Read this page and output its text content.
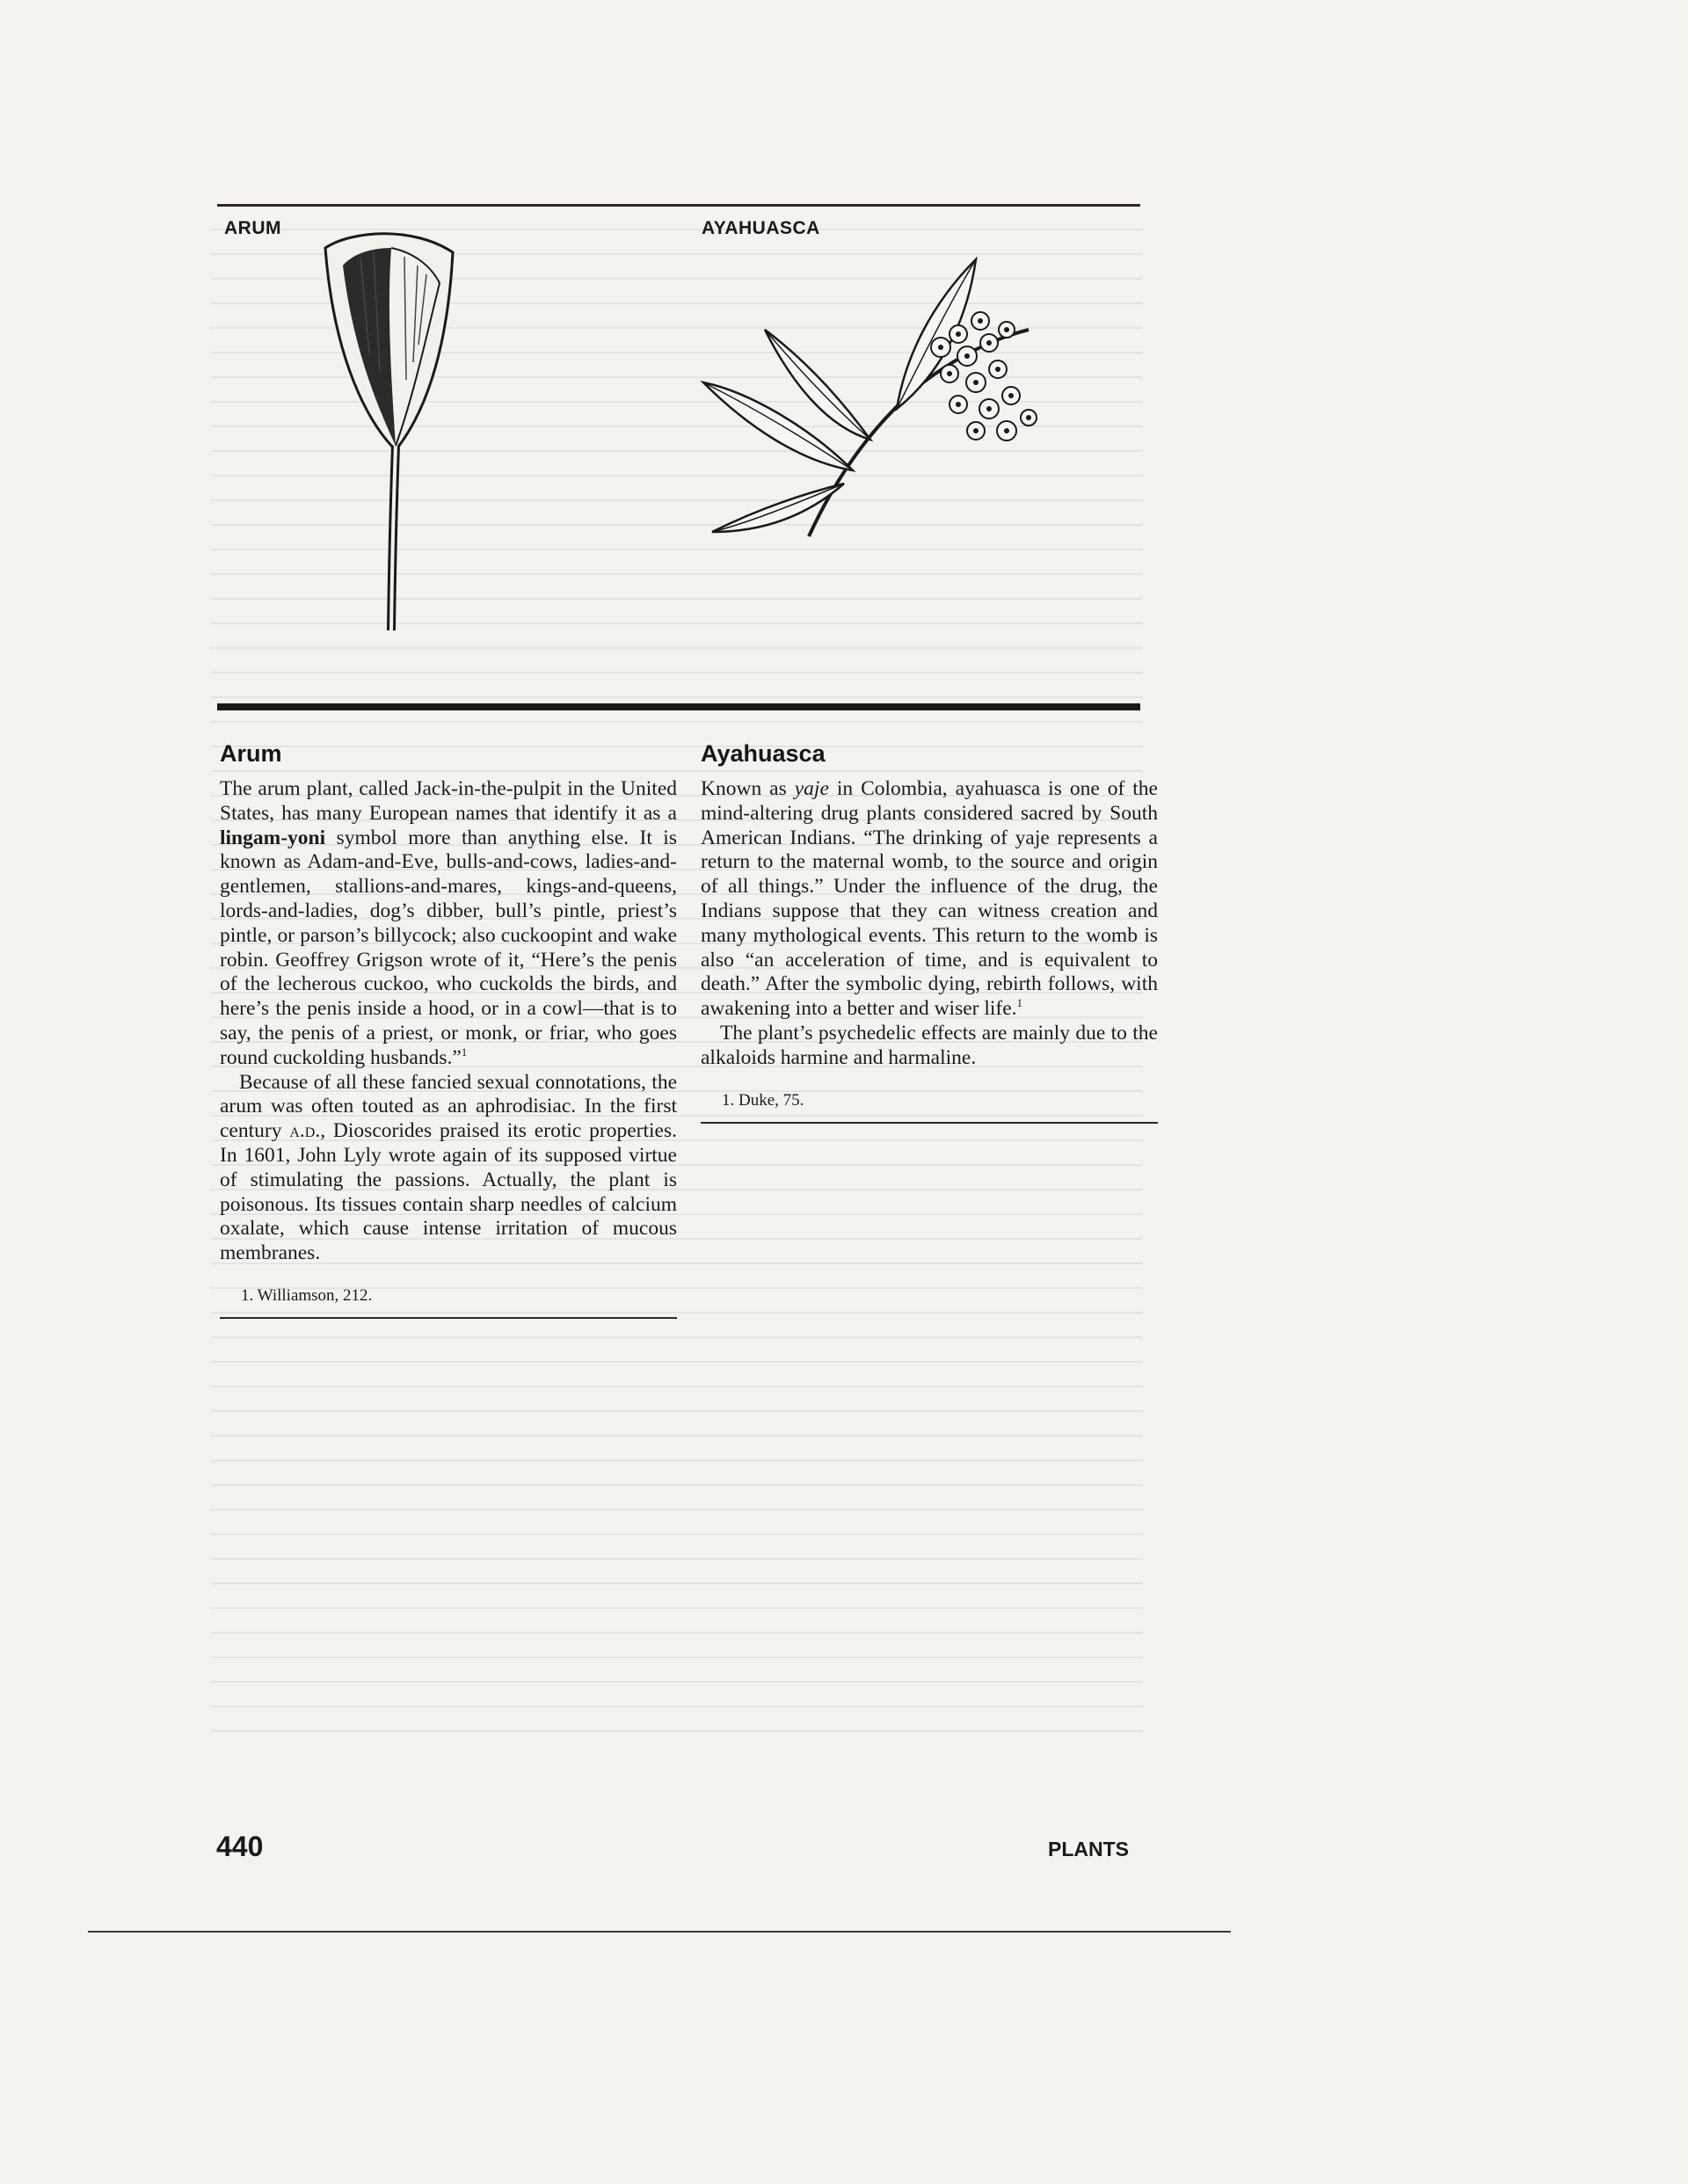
ARUM	AYAHUASCA
Arum

The arum plant, called Jack-in-the-pulpit in the United States, has many European names that identify it as a lingam-yoni symbol more than anything else. It is known as Adam-and-Eve, bulls-and-cows, ladies-and-gentlemen, stallions-and-mares, kings-and-queens, lords-and-ladies, dog’s dibber, bull’s pintle, priest’s pintle, or parson’s billycock; also cuckoopint and wake robin. Geoffrey Grigson wrote of it, “Here’s the penis of the lecherous cuckoo, who cuckolds the birds, and here’s the penis inside a hood, or in a cowl—that is to say, the penis of a priest, or monk, or friar, who goes round cuckolding husbands.”$^1$

Because of all these fancied sexual connotations, the arum was often touted as an aphrodisiac. In the first century a.d., Dioscorides praised its erotic properties. In 1601, John Lyly wrote again of its supposed virtue of stimulating the passions. Actually, the plant is poisonous. Its tissues contain sharp needles of calcium oxalate, which cause intense irritation of mucous membranes.

1. Williamson, 212.
Ayahuasca

Known as yaje in Colombia, ayahuasca is one of the mind-altering drug plants considered sacred by South American Indians. “The drinking of yaje represents a return to the maternal womb, to the source and origin of all things.” Under the influence of the drug, the Indians suppose that they can witness creation and many mythological events. This return to the womb is also “an acceleration of time, and is equivalent to death.” After the symbolic dying, rebirth follows, with awakening into a better and wiser life.$^1$

The plant’s psychedelic effects are mainly due to the alkaloids harmine and harmaline.

1. Duke, 75.
440	PLANTS
